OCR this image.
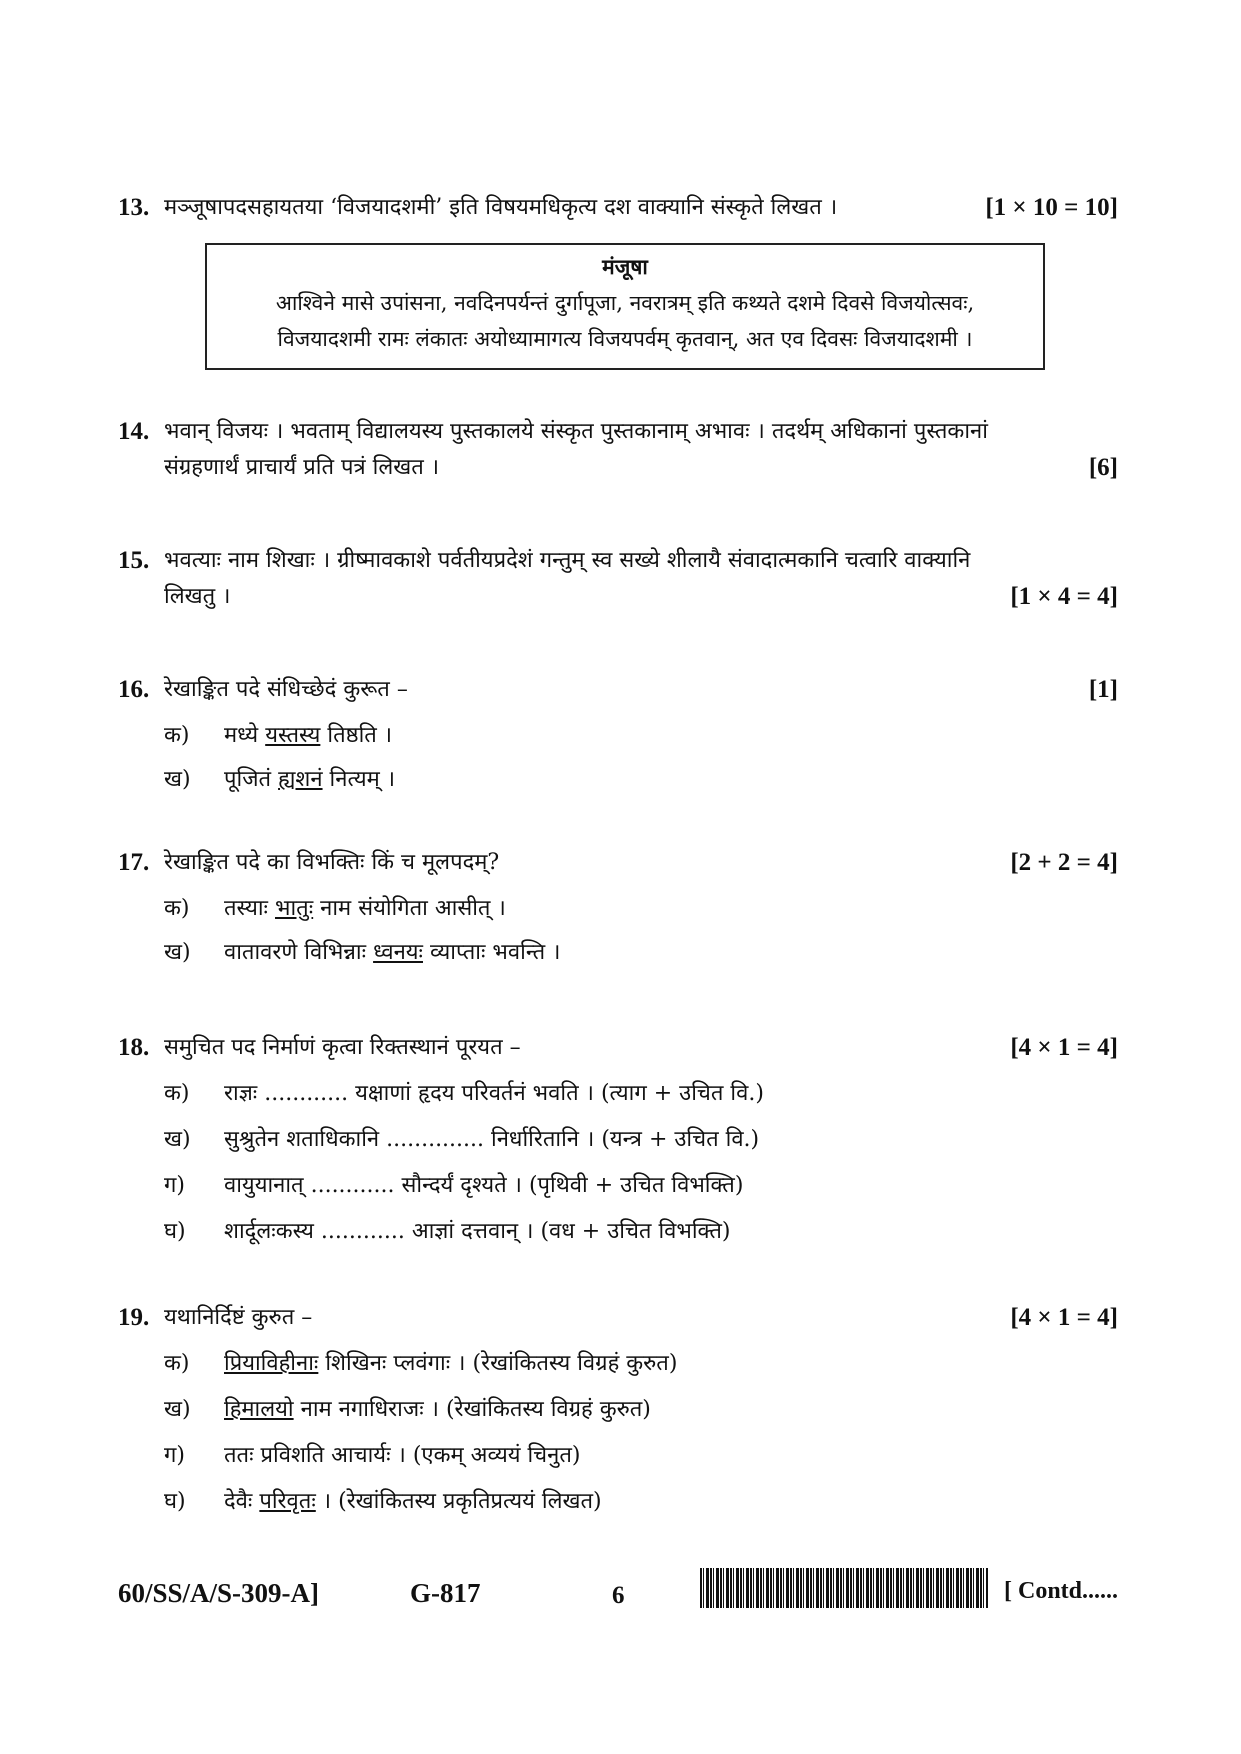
13. मञ्जूषापदसहायतया ‘विजयादशमी’ इति विषयमधिकृत्य दश वाक्यानि संस्कृते लिखत ।	[1 × 10 = 10]
मंजूषा
आश्विने मासे उपांसना, नवदिनपर्यन्तं दुर्गापूजा, नवरात्रम् इति कथ्यते दशमे दिवसे विजयोत्सवः,
विजयादशमी रामः लंकातः अयोध्यामागत्य विजयपर्वम् कृतवान्, अत एव दिवसः विजयादशमी ।
14. भवान् विजयः । भवताम् विद्यालयस्य पुस्तकालये संस्कृत पुस्तकानाम् अभावः । तदर्थम् अधिकानां पुस्तकानां
संग्रहणार्थं प्राचार्यं प्रति पत्रं लिखत ।	[6]
15. भवत्याः नाम शिखाः । ग्रीष्मावकाशे पर्वतीयप्रदेशं गन्तुम् स्व सख्ये शीलायै संवादात्मकानि चत्वारि वाक्यानि
लिखतु ।	[1 × 4 = 4]
16. रेखाङ्कित पदे संधिच्छेदं कुरूत –	[1]
क)	मध्ये यस्तस्य तिष्ठति ।
ख)	पूजितं ह्यशनं नित्यम् ।
17. रेखाङ्कित पदे का विभक्तिः किं च मूलपदम्?	[2 + 2 = 4]
क)	तस्याः भातुः नाम संयोगिता आसीत् ।
ख)	वातावरणे विभिन्नाः ध्वनयः व्याप्ताः भवन्ति ।
18. समुचित पद निर्माणं कृत्वा रिक्तस्थानं पूरयत –	[4 × 1 = 4]
क)	राज्ञः ............ यक्षाणां हृदय परिवर्तनं भवति । (त्याग + उचित वि.)
ख)	सुश्रुतेन शताधिकानि .............. निर्धारितानि । (यन्त्र + उचित वि.)
ग)	वायुयानात् ............ सौन्दर्यं दृश्यते । (पृथिवी + उचित विभक्ति)
घ)	शार्दूलःकस्य ............ आज्ञां दत्तवान् । (वध + उचित विभक्ति)
19. यथानिर्दिष्टं कुरुत –	[4 × 1 = 4]
क)	प्रियाविहीनाः शिखिनः प्लवंगाः । (रेखांकितस्य विग्रहं कुरुत)
ख)	हिमालयो नाम नगाधिराजः । (रेखांकितस्य विग्रहं कुरुत)
ग)	ततः प्रविशति आचार्यः । (एकम् अव्ययं चिनुत)
घ)	देवैः परिवृतः । (रेखांकितस्य प्रकृतिप्रत्ययं लिखत)
60/SS/A/S-309-A]	G-817	6	[ Contd......
